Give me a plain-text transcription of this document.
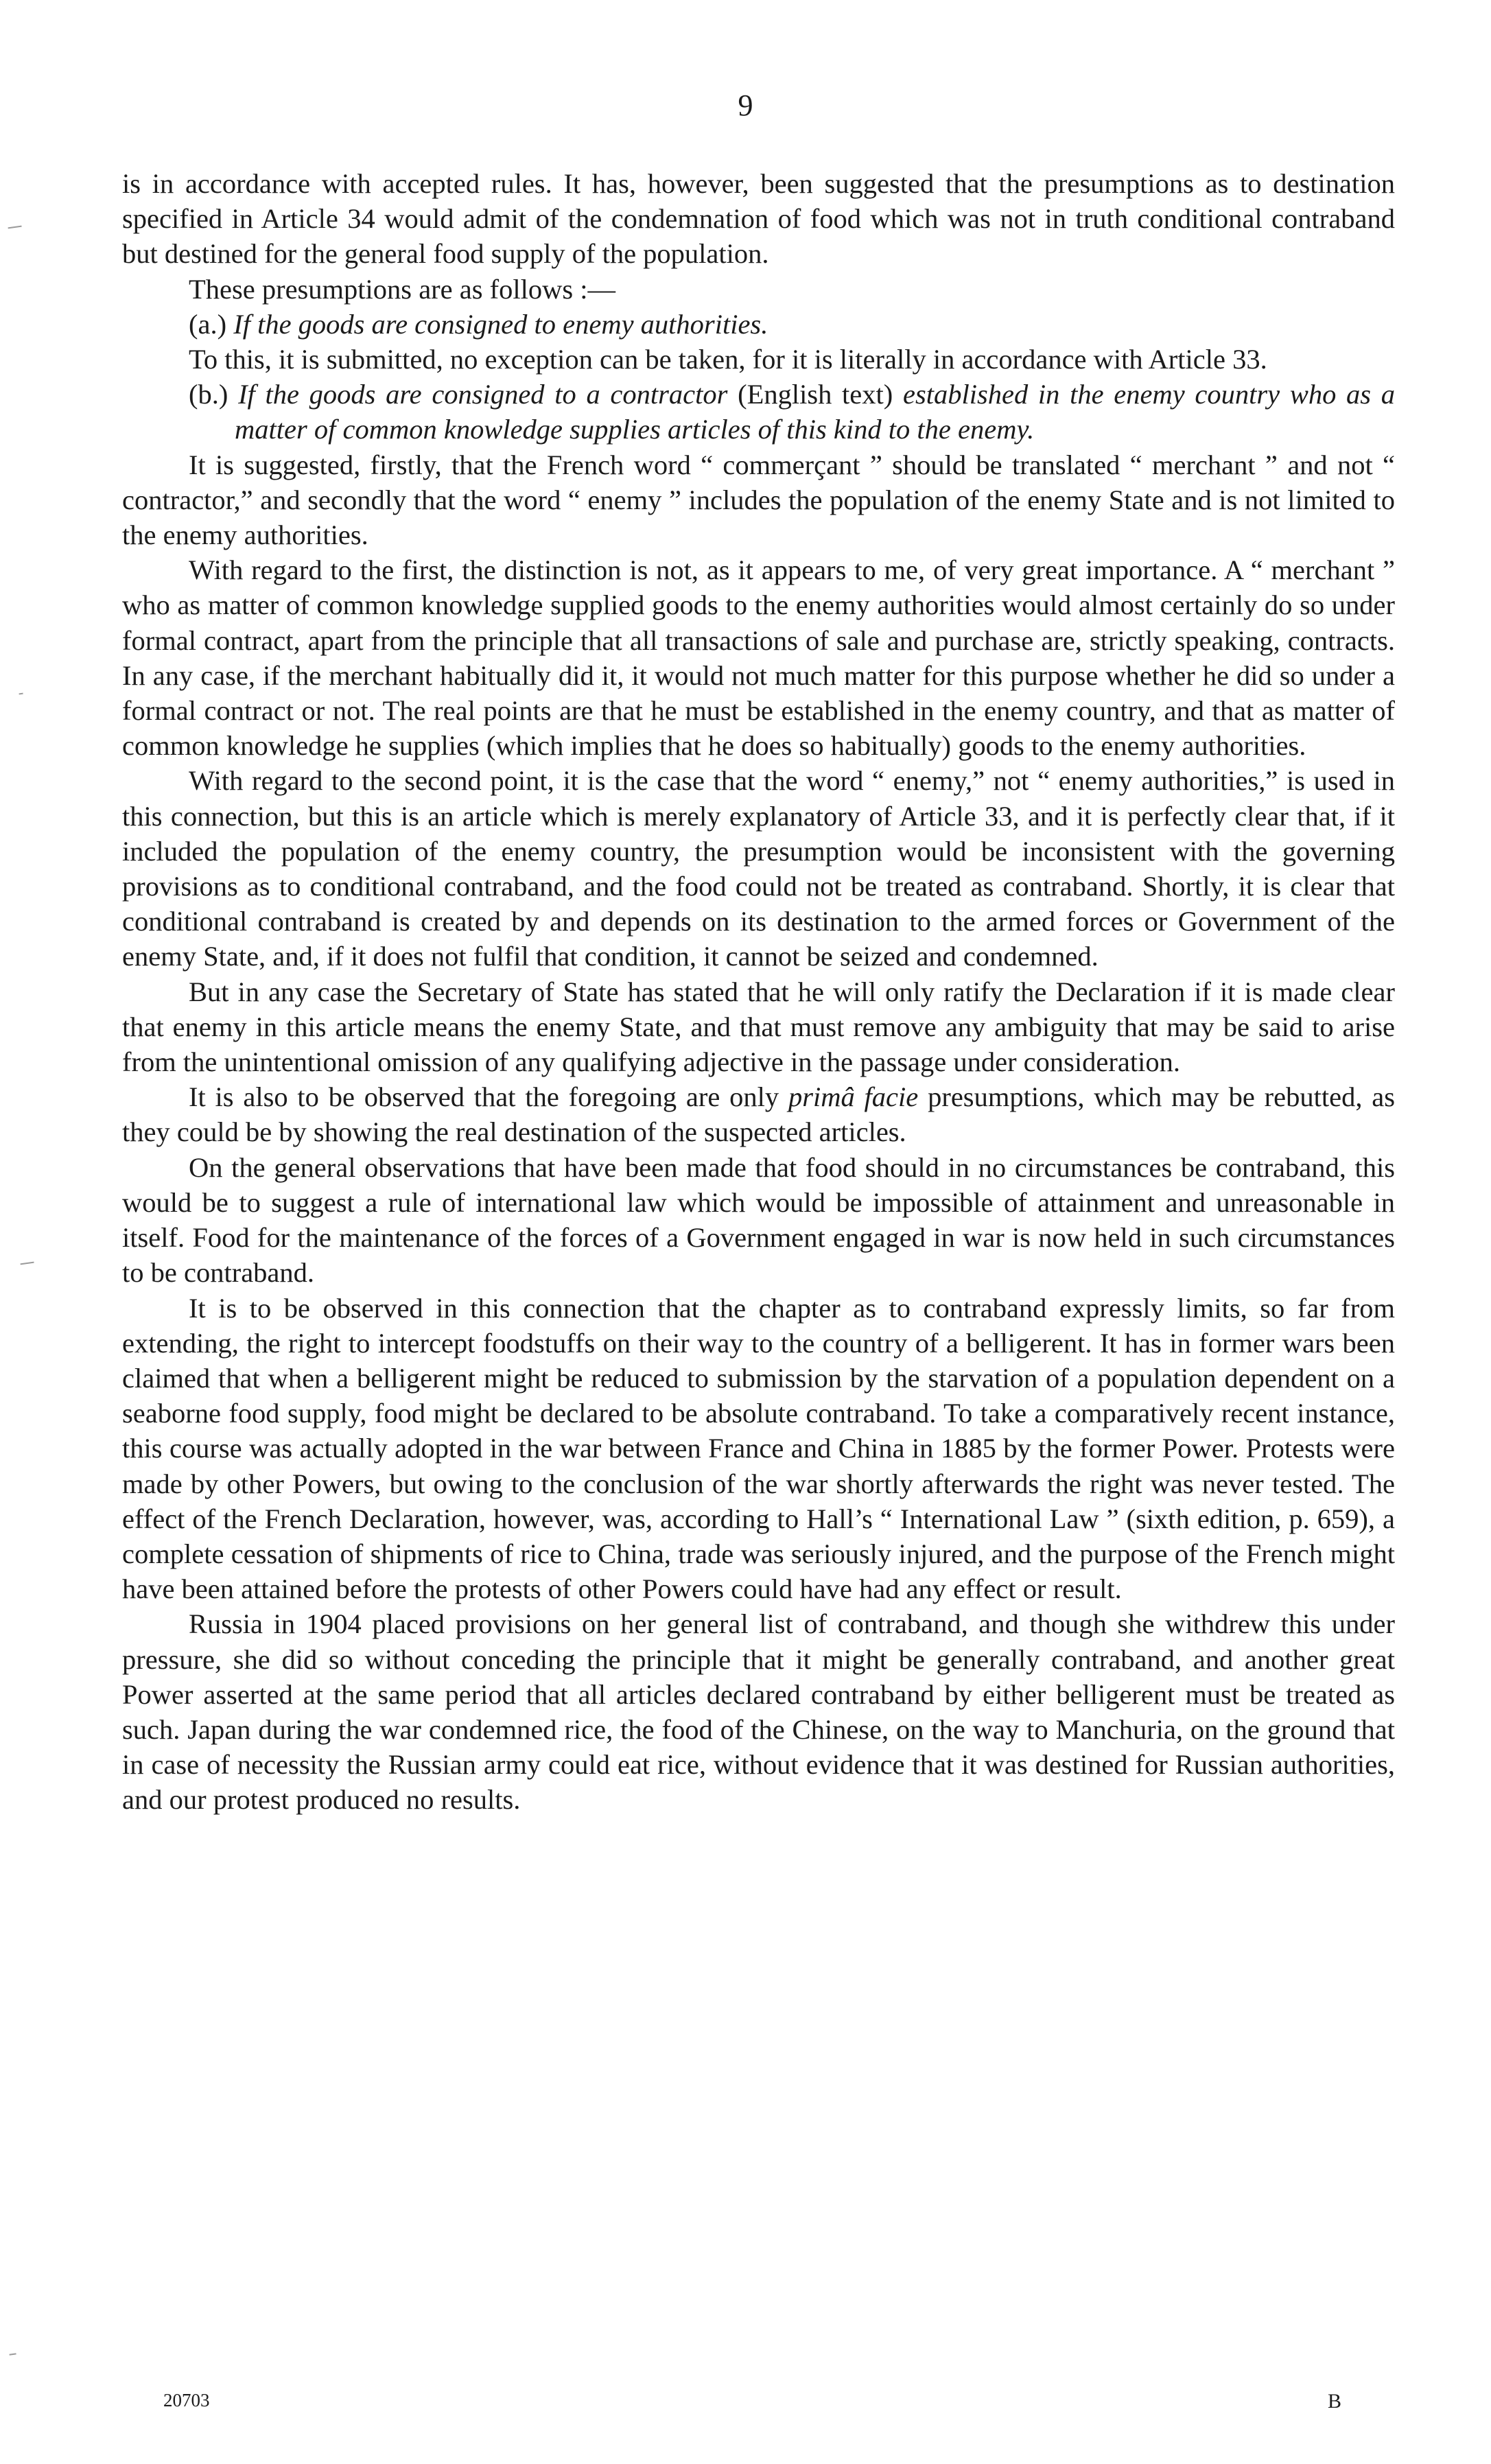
9

is in accordance with accepted rules. It has, however, been suggested that the presumptions as to destination specified in Article 34 would admit of the condemnation of food which was not in truth conditional contraband but destined for the general food supply of the population.

These presumptions are as follows :—

(a.) If the goods are consigned to enemy authorities.

To this, it is submitted, no exception can be taken, for it is literally in accordance with Article 33.

(b.) If the goods are consigned to a contractor (English text) established in the enemy country who as a matter of common knowledge supplies articles of this kind to the enemy.

It is suggested, firstly, that the French word “ commerçant ” should be translated “ merchant ” and not “ contractor,” and secondly that the word “ enemy ” includes the population of the enemy State and is not limited to the enemy authorities.

With regard to the first, the distinction is not, as it appears to me, of very great importance. A “ merchant ” who as matter of common knowledge supplied goods to the enemy authorities would almost certainly do so under formal contract, apart from the principle that all transactions of sale and purchase are, strictly speaking, contracts. In any case, if the merchant habitually did it, it would not much matter for this purpose whether he did so under a formal contract or not. The real points are that he must be established in the enemy country, and that as matter of common knowledge he supplies (which implies that he does so habitually) goods to the enemy authorities.

With regard to the second point, it is the case that the word “ enemy,” not “ enemy authorities,” is used in this connection, but this is an article which is merely explanatory of Article 33, and it is perfectly clear that, if it included the population of the enemy country, the presumption would be inconsistent with the governing provisions as to conditional contraband, and the food could not be treated as contraband. Shortly, it is clear that conditional contraband is created by and depends on its destination to the armed forces or Government of the enemy State, and, if it does not fulfil that condition, it cannot be seized and condemned.

But in any case the Secretary of State has stated that he will only ratify the Declaration if it is made clear that enemy in this article means the enemy State, and that must remove any ambiguity that may be said to arise from the unintentional omission of any qualifying adjective in the passage under consideration.

It is also to be observed that the foregoing are only primâ facie presumptions, which may be rebutted, as they could be by showing the real destination of the suspected articles.

On the general observations that have been made that food should in no circumstances be contraband, this would be to suggest a rule of international law which would be impossible of attainment and unreasonable in itself. Food for the maintenance of the forces of a Government engaged in war is now held in such circumstances to be contraband.

It is to be observed in this connection that the chapter as to contraband expressly limits, so far from extending, the right to intercept foodstuffs on their way to the country of a belligerent. It has in former wars been claimed that when a belligerent might be reduced to submission by the starvation of a population dependent on a seaborne food supply, food might be declared to be absolute contraband. To take a comparatively recent instance, this course was actually adopted in the war between France and China in 1885 by the former Power. Protests were made by other Powers, but owing to the conclusion of the war shortly afterwards the right was never tested. The effect of the French Declaration, however, was, according to Hall’s “ International Law ” (sixth edition, p. 659), a complete cessation of shipments of rice to China, trade was seriously injured, and the purpose of the French might have been attained before the protests of other Powers could have had any effect or result.

Russia in 1904 placed provisions on her general list of contraband, and though she withdrew this under pressure, she did so without conceding the principle that it might be generally contraband, and another great Power asserted at the same period that all articles declared contraband by either belligerent must be treated as such. Japan during the war condemned rice, the food of the Chinese, on the way to Manchuria, on the ground that in case of necessity the Russian army could eat rice, without evidence that it was destined for Russian authorities, and our protest produced no results.

20703	B
